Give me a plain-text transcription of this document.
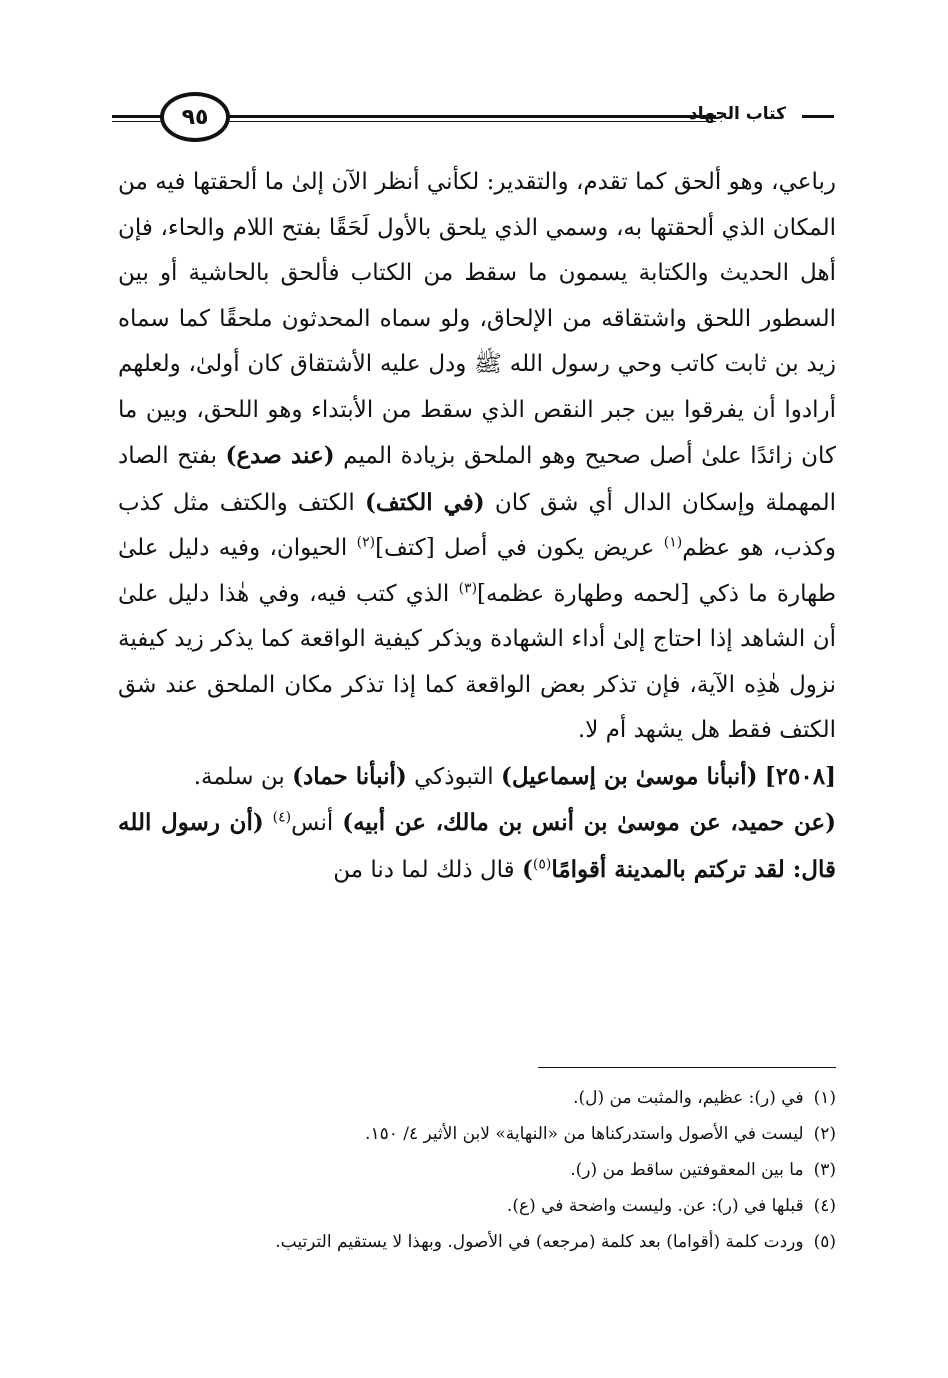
٩٥	كتاب الجهاد

رباعي، وهو ألحق كما تقدم، والتقدير: لكأني أنظر الآن إلىٰ ما ألحقتها فيه من المكان الذي ألحقتها به، وسمي الذي يلحق بالأول لَحَقًا بفتح اللام والحاء، فإن أهل الحديث والكتابة يسمون ما سقط من الكتاب فألحق بالحاشية أو بين السطور اللحق واشتقاقه من الإلحاق، ولو سماه المحدثون ملحقًا كما سماه زيد بن ثابت كاتب وحي رسول الله ﷺ ودل عليه الأشتقاق كان أولىٰ، ولعلهم أرادوا أن يفرقوا بين جبر النقص الذي سقط من الأبتداء وهو اللحق، وبين ما كان زائدًا علىٰ أصل صحيح وهو الملحق بزيادة الميم (عند صدع) بفتح الصاد المهملة وإسكان الدال أي شق كان (في الكتف) الكتف والكتف مثل كذب وكذب، هو عظم$^{(١)}$ عريض يكون في أصل [كتف]$^{(٢)}$ الحيوان، وفيه دليل علىٰ طهارة ما ذكي [لحمه وطهارة عظمه]$^{(٣)}$ الذي كتب فيه، وفي هٰذا دليل علىٰ أن الشاهد إذا احتاج إلىٰ أداء الشهادة ويذكر كيفية الواقعة كما يذكر زيد كيفية نزول هٰذِه الآية، فإن تذكر بعض الواقعة كما إذا تذكر مكان الملحق عند شق الكتف فقط هل يشهد أم لا.

[٢٥٠٨] (أنبأنا موسىٰ بن إسماعيل) التبوذكي (أنبأنا حماد) بن سلمة.

(عن حميد، عن موسىٰ بن أنس بن مالك، عن أبيه) أنس$^{(٤)}$ (أن رسول الله قال: لقد تركتم بالمدينة أقوامًا$^{(٥)}$) قال ذلك لما دنا من

(١)في (ر): عظيم، والمثبت من (ل).
(٢)ليست في الأصول واستدركناها من «النهاية» لابن الأثير ٤/ ١٥٠.
(٣)ما بين المعقوفتين ساقط من (ر).
(٤)قبلها في (ر): عن. وليست واضحة في (ع).
(٥)وردت كلمة (أقواما) بعد كلمة (مرجعه) في الأصول. وبهذا لا يستقيم الترتيب.
